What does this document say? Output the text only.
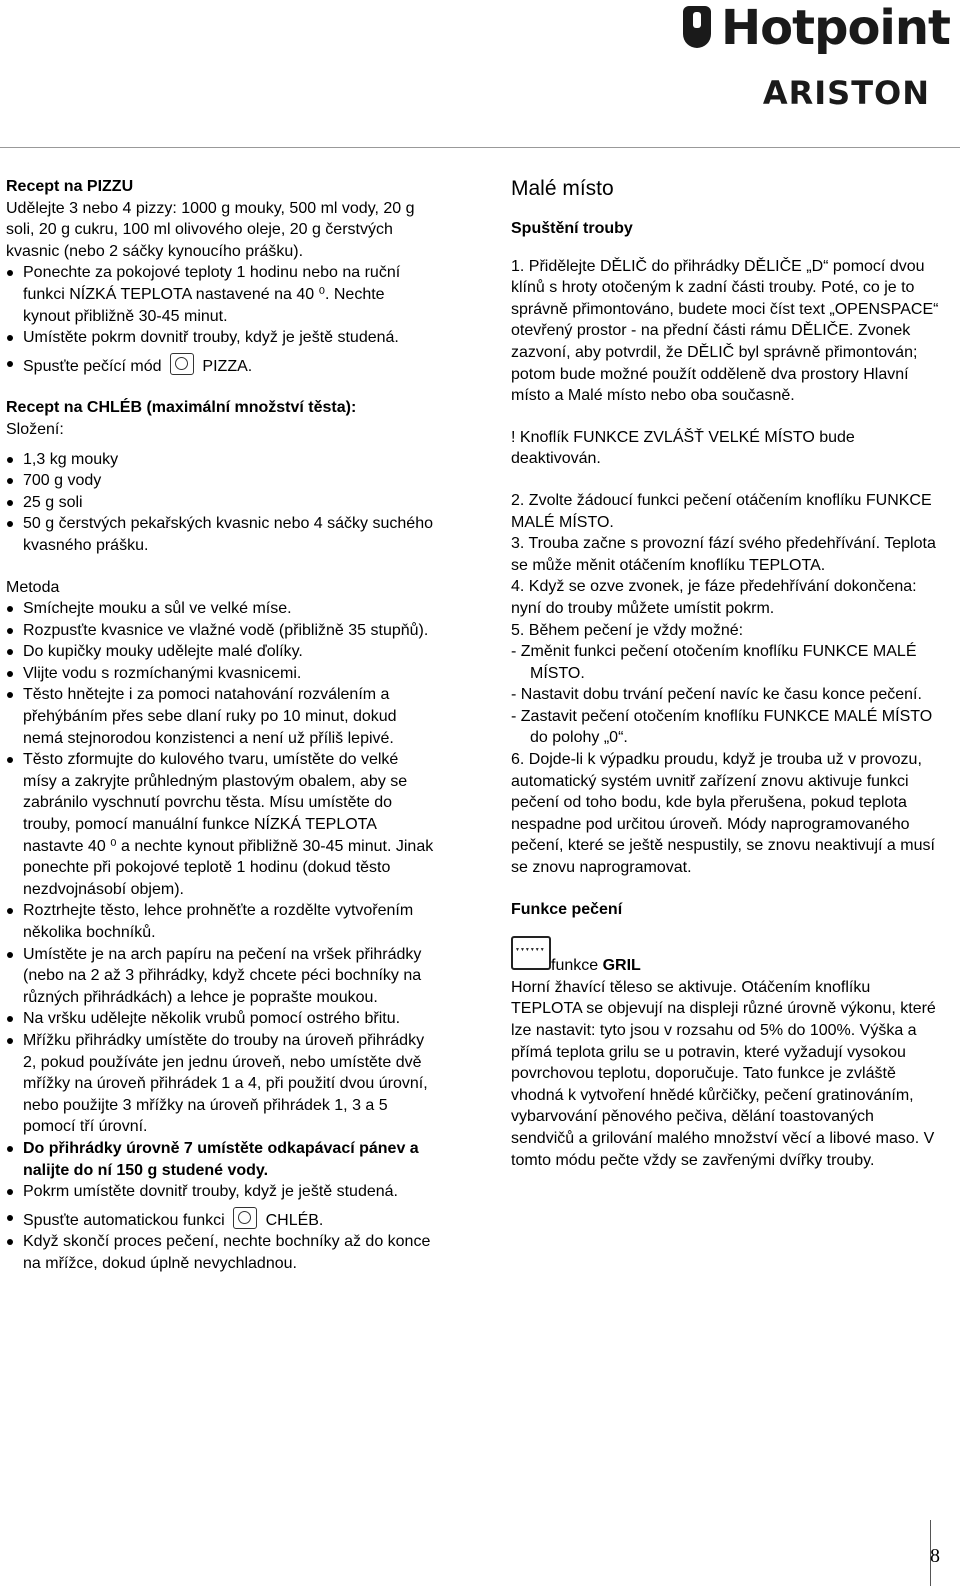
Hotpoint
ARISTON

Recept na PIZZU

Udělejte 3 nebo 4 pizzy: 1000 g mouky, 500 ml vody, 20 g soli, 20 g cukru, 100 ml olivového oleje, 20 g čerstvých kvasnic (nebo 2 sáčky kynoucího prášku).

Ponechte za pokojové teploty 1 hodinu nebo na ruční funkci NÍZKÁ TEPLOTA nastavené na 40 ⁰. Nechte kynout přibližně 30-45 minut.
Umístěte pokrm dovnitř trouby, když je ještě studená.
Spusťte pečící mód	PIZZA.

Recept na CHLÉB (maximální množství těsta):

Složení:

1,3 kg mouky
700 g vody
25 g soli
50 g čerstvých pekařských kvasnic nebo 4 sáčky suchého kvasného prášku.

Metoda

Smíchejte mouku a sůl ve velké míse.
Rozpusťte kvasnice ve vlažné vodě (přibližně 35 stupňů).
Do kupičky mouky udělejte malé ďolíky.
Vlijte vodu s rozmíchanými kvasnicemi.
Těsto hnětejte i za pomoci natahování rozválením a přehýbáním přes sebe dlaní ruky po 10 minut, dokud nemá stejnorodou konzistenci a není už příliš lepivé.
Těsto zformujte do kulového tvaru, umístěte do velké mísy a zakryjte průhledným plastovým obalem, aby se zabránilo vyschnutí povrchu těsta. Mísu umístěte do trouby, pomocí manuální funkce NÍZKÁ TEPLOTA nastavte 40 ⁰ a nechte kynout přibližně 30-45 minut. Jinak ponechte při pokojové teplotě 1 hodinu (dokud těsto nezdvojnásobí objem).
Roztrhejte těsto, lehce prohněťte a rozdělte vytvořením několika bochníků.
Umístěte je na arch papíru na pečení na vršek přihrádky (nebo na 2 až 3 přihrádky, když chcete péci bochníky na různých přihrádkách) a lehce je poprašte moukou.
Na vršku udělejte několik vrubů pomocí ostrého břitu.
Mřížku přihrádky umístěte do trouby na úroveň přihrádky 2, pokud používáte jen jednu úroveň, nebo umístěte dvě mřížky na úroveň přihrádek 1 a 4, při použití dvou úrovní, nebo použijte 3 mřížky na úroveň přihrádek 1, 3 a 5 pomocí tří úrovní.
Do přihrádky úrovně 7 umístěte odkapávací pánev a nalijte do ní 150 g studené vody.
Pokrm umístěte dovnitř trouby, když je ještě studená.
Spusťte automatickou funkci	CHLÉB.
Když skončí proces pečení, nechte bochníky až do konce na mřížce, dokud úplně nevychladnou.
Malé místo

Spuštění trouby

1. Přidělejte DĚLIČ do přihrádky DĚLIČE „D“ pomocí dvou klínů s hroty otočeným k zadní části trouby. Poté, co je to správně přimontováno, budete moci číst text „OPENSPACE“ otevřený prostor - na přední části rámu DĚLIČE. Zvonek zazvoní, aby potvrdil, že DĚLIČ byl správně přimontován; potom bude možné použít odděleně dva prostory Hlavní místo a Malé místo nebo oba současně.

! Knoflík FUNKCE ZVLÁŠŤ VELKÉ MÍSTO bude deaktivován.

2. Zvolte žádoucí funkci pečení otáčením knoflíku FUNKCE MALÉ MÍSTO.

3. Trouba začne s provozní fází svého předehřívání. Teplota se může měnit otáčením knoflíku TEPLOTA.

4. Když se ozve zvonek, je fáze předehřívání dokončena: nyní do trouby můžete umístit pokrm.

5. Během pečení je vždy možné:

- Změnit funkci pečení otočením knoflíku FUNKCE MALÉ MÍSTO.

- Nastavit dobu trvání pečení navíc ke času konce pečení.

- Zastavit pečení otočením knoflíku FUNKCE MALÉ MÍSTO do polohy „0“.

6. Dojde-li k výpadku proudu, když je trouba už v provozu, automatický systém uvnitř zařízení znovu aktivuje funkci pečení od toho bodu, kde byla přerušena, pokud teplota nespadne pod určitou úroveň. Módy naprogramovaného pečení, které se ještě nespustily, se znovu neaktivují a musí se znovu naprogramovat.

Funkce pečení

▼▼▼▼▼▼funkce GRIL

Horní žhavící těleso se aktivuje. Otáčením knoflíku TEPLOTA se objevují na displeji různé úrovně výkonu, které lze nastavit: tyto jsou v rozsahu od 5% do 100%. Výška a přímá teplota grilu se u potravin, které vyžadují vysokou povrchovou teplotu, doporučuje. Tato funkce je zvláště vhodná k vytvoření hnědé kůrčičky, pečení gratinováním, vybarvování pěnového pečiva, dělání toastovaných sendvičů a grilování malého množství věcí a libové maso. V tomto módu pečte vždy se zavřenými dvířky trouby.

8
